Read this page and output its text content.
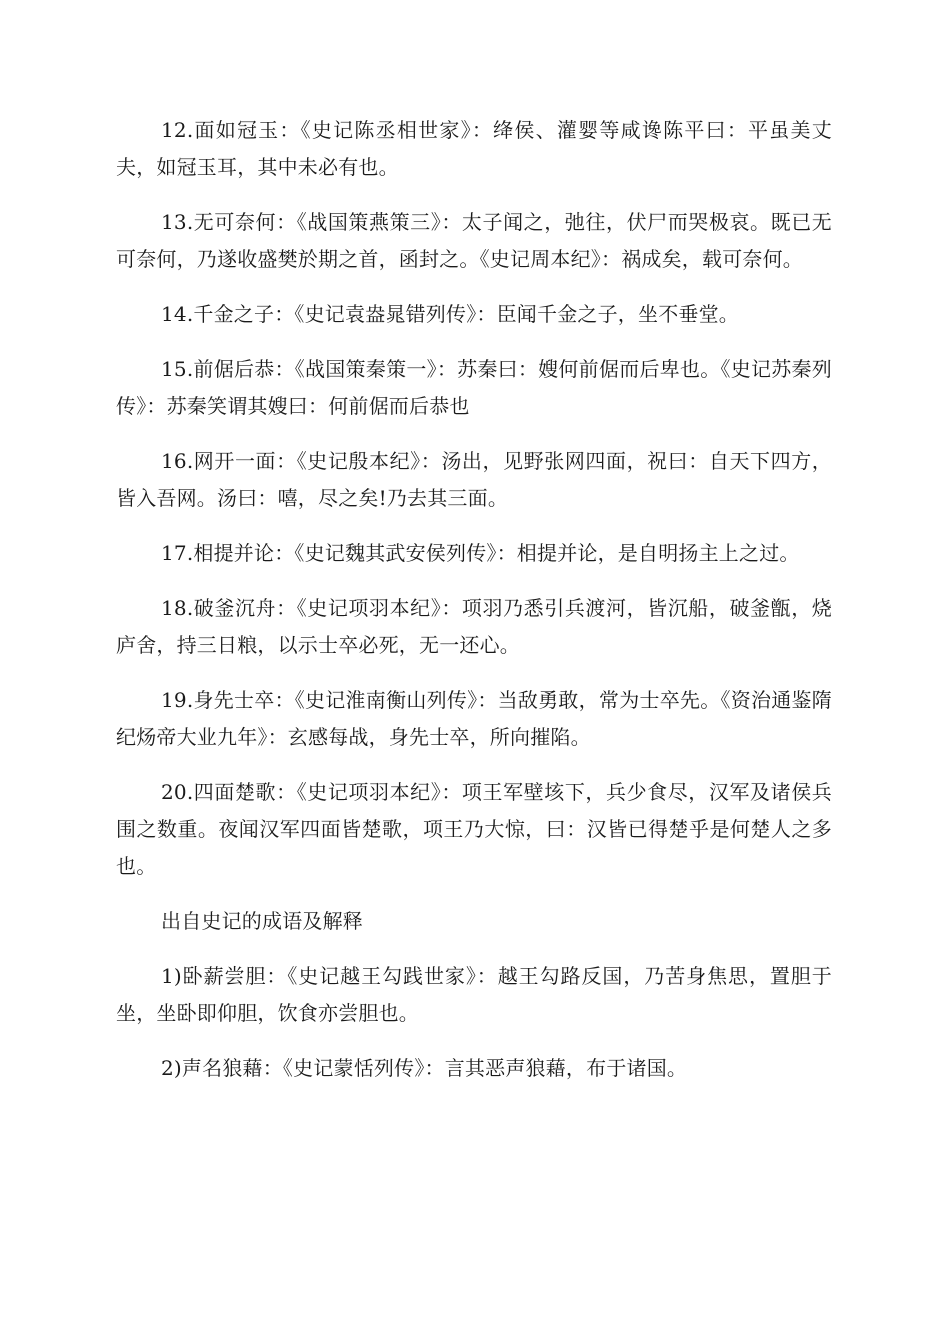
12.面如冠玉：《史记陈丞相世家》：绛侯、灌婴等咸谗陈平曰：平虽美丈夫，如冠玉耳，其中未必有也。

13.无可奈何：《战国策燕策三》：太子闻之，弛往，伏尸而哭极哀。既已无可奈何，乃遂收盛樊於期之首，函封之。《史记周本纪》：祸成矣，载可奈何。

14.千金之子：《史记袁盎晁错列传》：臣闻千金之子，坐不垂堂。

15.前倨后恭：《战国策秦策一》：苏秦曰：嫂何前倨而后卑也。《史记苏秦列传》：苏秦笑谓其嫂曰：何前倨而后恭也

16.网开一面：《史记殷本纪》：汤出，见野张网四面，祝曰：自天下四方，皆入吾网。汤曰：嘻，尽之矣!乃去其三面。

17.相提并论：《史记魏其武安侯列传》：相提并论，是自明扬主上之过。

18.破釜沉舟：《史记项羽本纪》：项羽乃悉引兵渡河，皆沉船，破釜甑，烧庐舍，持三日粮，以示士卒必死，无一还心。

19.身先士卒：《史记淮南衡山列传》：当敌勇敢，常为士卒先。《资治通鉴隋纪炀帝大业九年》：玄感每战，身先士卒，所向摧陷。

20.四面楚歌：《史记项羽本纪》：项王军壁垓下，兵少食尽，汉军及诸侯兵围之数重。夜闻汉军四面皆楚歌，项王乃大惊，曰：汉皆已得楚乎是何楚人之多也。

出自史记的成语及解释

1)卧薪尝胆：《史记越王勾践世家》：越王勾路反国，乃苦身焦思，置胆于坐，坐卧即仰胆，饮食亦尝胆也。

2)声名狼藉：《史记蒙恬列传》：言其恶声狼藉，布于诸国。
